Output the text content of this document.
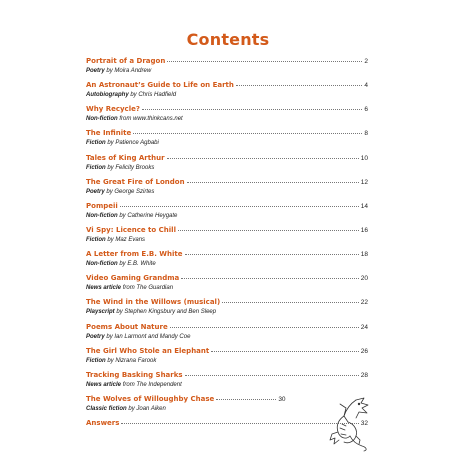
Contents
Portrait of a Dragon	2
Poetry by Moira Andrew
An Astronaut’s Guide to Life on Earth	4
Autobiography by Chris Hadfield
Why Recycle?	6
Non-fiction from www.thinkcans.net
The Infinite	8
Fiction by Patience Agbabi
Tales of King Arthur	10
Fiction by Felicity Brooks
The Great Fire of London	12
Poetry by George Szirtes
Pompeii	14
Non-fiction by Catherine Heygate
Vi Spy: Licence to Chill	16
Fiction by Maz Evans
A Letter from E.B. White	18
Non-fiction by E.B. White
Video Gaming Grandma	20
News article from The Guardian
The Wind in the Willows (musical)	22
Playscript by Stephen Kingsbury and Ben Sleep
Poems About Nature	24
Poetry by Ian Larmont and Mandy Coe
The Girl Who Stole an Elephant	26
Fiction by Nizrana Farook
Tracking Basking Sharks	28
News article from The Independent
The Wolves of Willoughby Chase	30
Classic fiction by Joan Aiken
Answers	32
